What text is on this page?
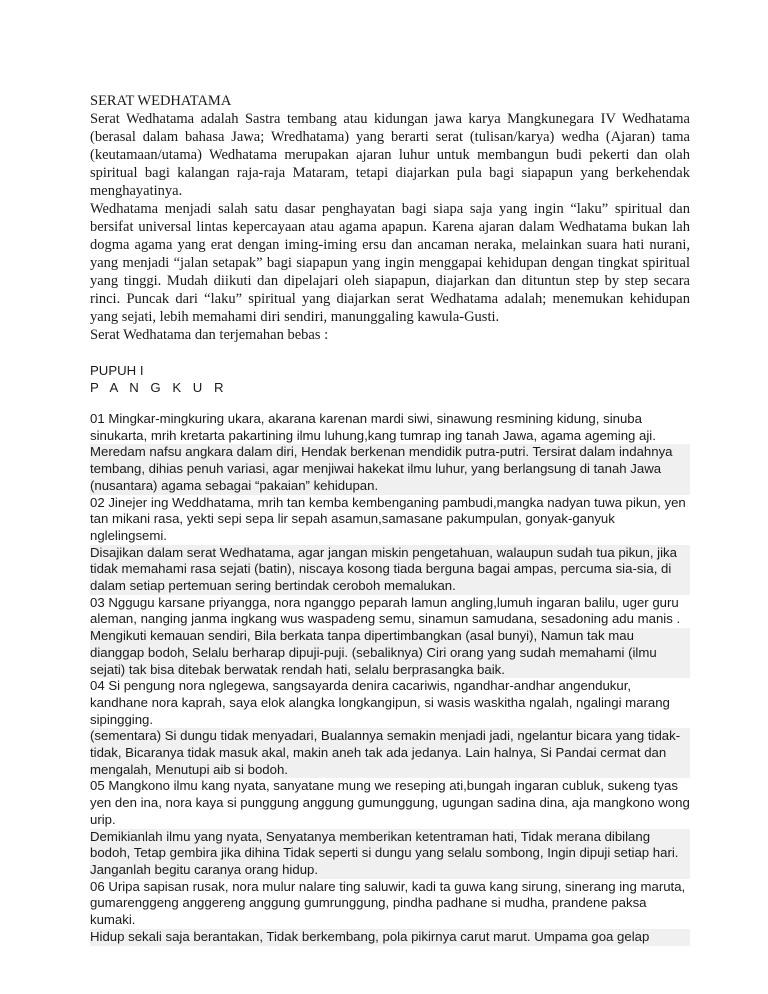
SERAT WEDHATAMA

Serat Wedhatama adalah Sastra tembang atau kidungan jawa karya Mangkunegara IV Wedhatama (berasal dalam bahasa Jawa; Wredhatama) yang berarti serat (tulisan/karya) wedha (Ajaran) tama (keutamaan/utama) Wedhatama merupakan ajaran luhur untuk membangun budi pekerti dan olah spiritual bagi kalangan raja-raja Mataram, tetapi diajarkan pula bagi siapapun yang berkehendak menghayatinya.

Wedhatama menjadi salah satu dasar penghayatan bagi siapa saja yang ingin “laku” spiritual dan bersifat universal lintas kepercayaan atau agama apapun. Karena ajaran dalam Wedhatama bukan lah dogma agama yang erat dengan iming-iming ersu dan ancaman neraka, melainkan suara hati nurani, yang menjadi “jalan setapak” bagi siapapun yang ingin menggapai kehidupan dengan tingkat spiritual yang tinggi. Mudah diikuti dan dipelajari oleh siapapun, diajarkan dan dituntun step by step secara rinci. Puncak dari “laku” spiritual yang diajarkan serat Wedhatama adalah; menemukan kehidupan yang sejati, lebih memahami diri sendiri, manunggaling kawula-Gusti.

Serat Wedhatama dan terjemahan bebas :

PUPUH I

P A N G K U R

01 Mingkar-mingkuring ukara, akarana karenan mardi siwi, sinawung resmining kidung, sinuba sinukarta, mrih kretarta pakartining ilmu luhung,kang tumrap ing tanah Jawa, agama ageming aji.

Meredam nafsu angkara dalam diri, Hendak berkenan mendidik putra-putri. Tersirat dalam indahnya tembang, dihias penuh variasi, agar menjiwai hakekat ilmu luhur, yang berlangsung di tanah Jawa (nusantara) agama sebagai “pakaian” kehidupan.

02 Jinejer ing Weddhatama, mrih tan kemba kembenganing pambudi,mangka nadyan tuwa pikun, yen tan mikani rasa, yekti sepi sepa lir sepah asamun,samasane pakumpulan, gonyak-ganyuk nglelingsemi.

Disajikan dalam serat Wedhatama, agar jangan miskin pengetahuan, walaupun sudah tua pikun, jika tidak memahami rasa sejati (batin), niscaya kosong tiada berguna bagai ampas, percuma sia-sia, di dalam setiap pertemuan sering bertindak ceroboh memalukan.

03 Nggugu karsane priyangga, nora nganggo peparah lamun angling,lumuh ingaran balilu, uger guru aleman, nanging janma ingkang wus waspadeng semu, sinamun samudana, sesadoning adu manis .

Mengikuti kemauan sendiri, Bila berkata tanpa dipertimbangkan (asal bunyi), Namun tak mau dianggap bodoh, Selalu berharap dipuji-puji. (sebaliknya) Ciri orang yang sudah memahami (ilmu sejati) tak bisa ditebak berwatak rendah hati, selalu berprasangka baik.

04 Si pengung nora nglegewa, sangsayarda denira cacariwis, ngandhar-andhar angendukur, kandhane nora kaprah, saya elok alangka longkangipun, si wasis waskitha ngalah, ngalingi marang sipingging.

(sementara) Si dungu tidak menyadari, Bualannya semakin menjadi jadi, ngelantur bicara yang tidak-tidak, Bicaranya tidak masuk akal, makin aneh tak ada jedanya. Lain halnya, Si Pandai cermat dan mengalah, Menutupi aib si bodoh.

05 Mangkono ilmu kang nyata, sanyatane mung we reseping ati,bungah ingaran cubluk, sukeng tyas yen den ina, nora kaya si punggung anggung gumunggung, ugungan sadina dina, aja mangkono wong urip.

Demikianlah ilmu yang nyata, Senyatanya memberikan ketentraman hati, Tidak merana dibilang bodoh, Tetap gembira jika dihina Tidak seperti si dungu yang selalu sombong, Ingin dipuji setiap hari. Janganlah begitu caranya orang hidup.

06 Uripa sapisan rusak, nora mulur nalare ting saluwir, kadi ta guwa kang sirung, sinerang ing maruta, gumarenggeng anggereng anggung gumrunggung, pindha padhane si mudha, prandene paksa kumaki.

Hidup sekali saja berantakan, Tidak berkembang, pola pikirnya carut marut. Umpama goa gelap
